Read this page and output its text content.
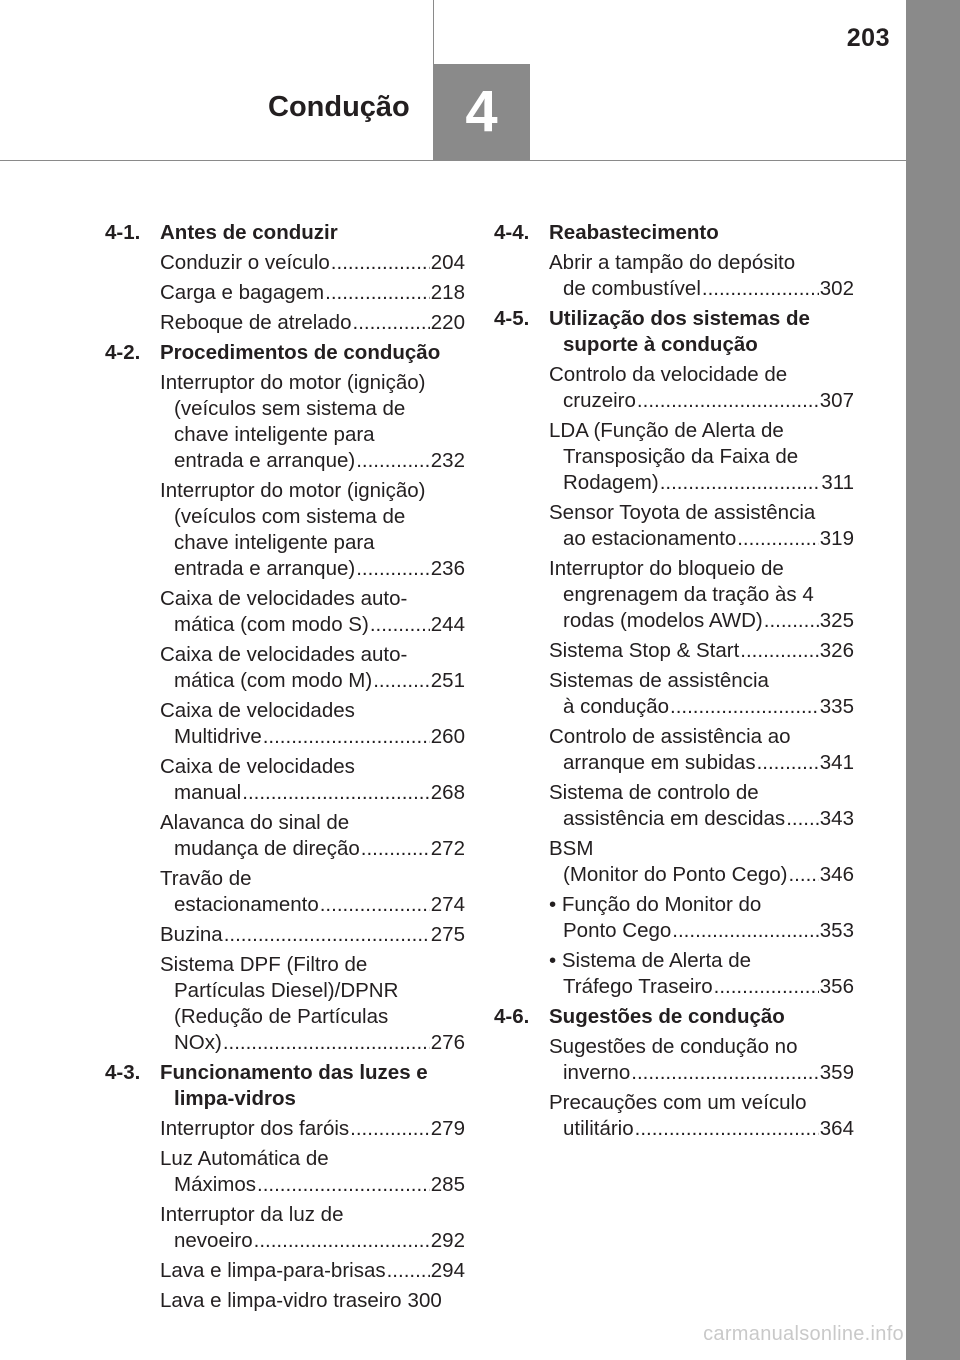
203
Condução 4
4-1. Antes de conduzir
Conduzir o veículo .....	204
Carga e bagagem .....	218
Reboque de atrelado .....	220
4-2. Procedimentos de condução
Interruptor do motor (ignição)
(veículos sem sistema de
chave inteligente para
entrada e arranque) .....	232
Interruptor do motor (ignição)
(veículos com sistema de
chave inteligente para
entrada e arranque) .....	236
Caixa de velocidades auto-
mática (com modo S) .....	244
Caixa de velocidades auto-
mática (com modo M) .....	251
Caixa de velocidades
Multidrive .....	260
Caixa de velocidades
manual .....	268
Alavanca do sinal de
mudança de direção .....	272
Travão de
estacionamento .....	274
Buzina .....	275
Sistema DPF (Filtro de
Partículas Diesel)/DPNR
(Redução de Partículas
NOx) .....	276
4-3. Funcionamento das luzes e
limpa-vidros
Interruptor dos faróis .....	279
Luz Automática de
Máximos .....	285
Interruptor da luz de
nevoeiro .....	292
Lava e limpa-para-brisas ..... 294
Lava e limpa-vidro traseiro 300
4-4. Reabastecimento
Abrir a tampão do depósito
de combustível .....	302
4-5. Utilização dos sistemas de
suporte à condução
Controlo da velocidade de
cruzeiro .....	307
LDA (Função de Alerta de
Transposição da Faixa de
Rodagem) .....	311
Sensor Toyota de assistência
ao estacionamento .....	319
Interruptor do bloqueio de
engrenagem da tração às 4
rodas (modelos AWD) .....	325
Sistema Stop & Start .....	326
Sistemas de assistência
à condução .....	335
Controlo de assistência ao
arranque em subidas .....	341
Sistema de controlo de
assistência em descidas ..... 343
BSM
(Monitor do Ponto Cego) ..... 346
• Função do Monitor do
Ponto Cego .....	353
• Sistema de Alerta de
Tráfego Traseiro .....	356
4-6. Sugestões de condução
Sugestões de condução no
inverno .....	359
Precauções com um veículo
utilitário .....	364
carmanualsonline.info
